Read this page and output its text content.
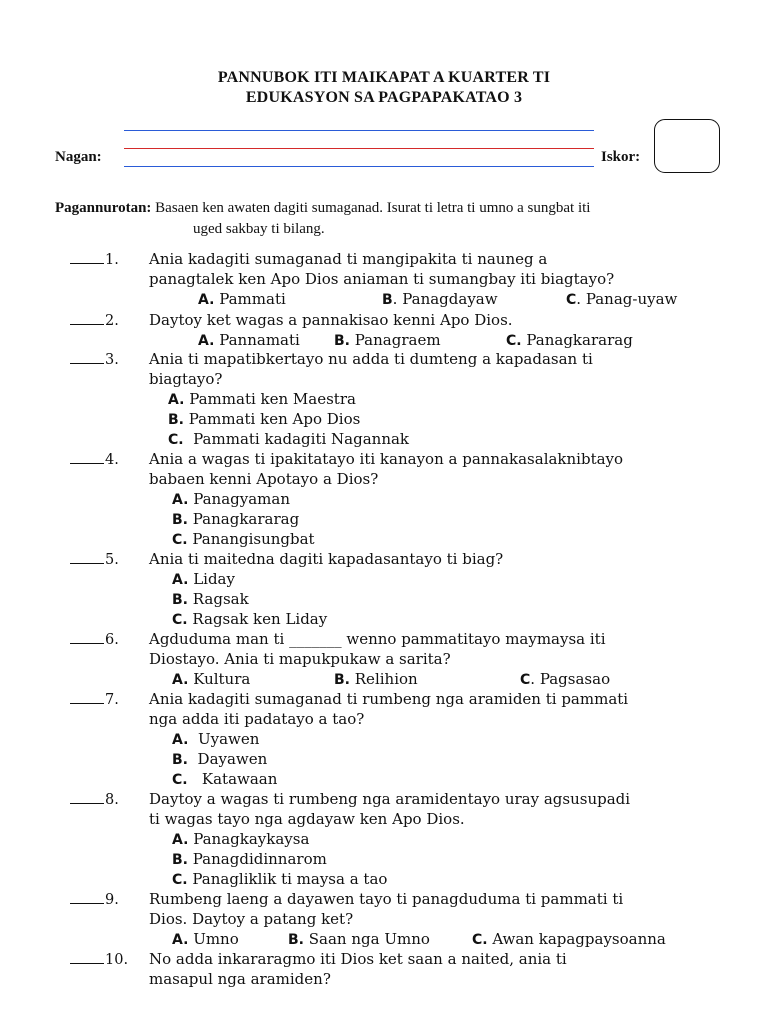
PANNUBOK ITI MAIKAPAT A KUARTER TI
EDUKASYON SA PAGPAPAKATAO 3
Nagan:	Iskor:
Pagannurotan: Basaen ken awaten dagiti sumaganad. Isurat ti letra ti umno a sungbat iti
uged sakbay ti bilang.
1. Ania kadagiti sumaganad ti mangipakita ti nauneg a
panagtalek ken Apo Dios aniaman ti sumangbay iti biagtayo?
A. Pammati	B. Panagdayaw	C. Panag-uyaw
2. Daytoy ket wagas a pannakisao kenni Apo Dios.
A. Pannamati B. Panagraem	C. Panagkararag
3. Ania ti mapatibkertayo nu adda ti dumteng a kapadasan ti
biagtayo?
A. Pammati ken Maestra
B. Pammati ken Apo Dios
C.  Pammati kadagiti Nagannak
4. Ania a wagas ti ipakitatayo iti kanayon a pannakasalaknibtayo
babaen kenni Apotayo a Dios?
A. Panagyaman
B. Panagkararag
C. Panangisungbat
5. Ania ti maitedna dagiti kapadasantayo ti biag?
A. Liday
B. Ragsak
C. Ragsak ken Liday
6. Agduduma man ti _______ wenno pammatitayo maymaysa iti
Diostayo. Ania ti mapukpukaw a sarita?
A. Kultura	B. Relihion	C. Pagsasao
7. Ania kadagiti sumaganad ti rumbeng nga aramiden ti pammati
nga adda iti padatayo a tao?
A.  Uyawen
B.  Dayawen
C.   Katawaan
8. Daytoy a wagas ti rumbeng nga aramidentayo uray agsusupadi
ti wagas tayo nga agdayaw ken Apo Dios.
A. Panagkaykaysa
B. Panagdidinnarom
C. Panagliklik ti maysa a tao
9. Rumbeng laeng a dayawen tayo ti panagduduma ti pammati ti
Dios. Daytoy a patang ket?
A. Umno	B. Saan nga Umno	C. Awan kapagpaysoanna
10. No adda inkararagmo iti Dios ket saan a naited, ania ti
masapul nga aramiden?
